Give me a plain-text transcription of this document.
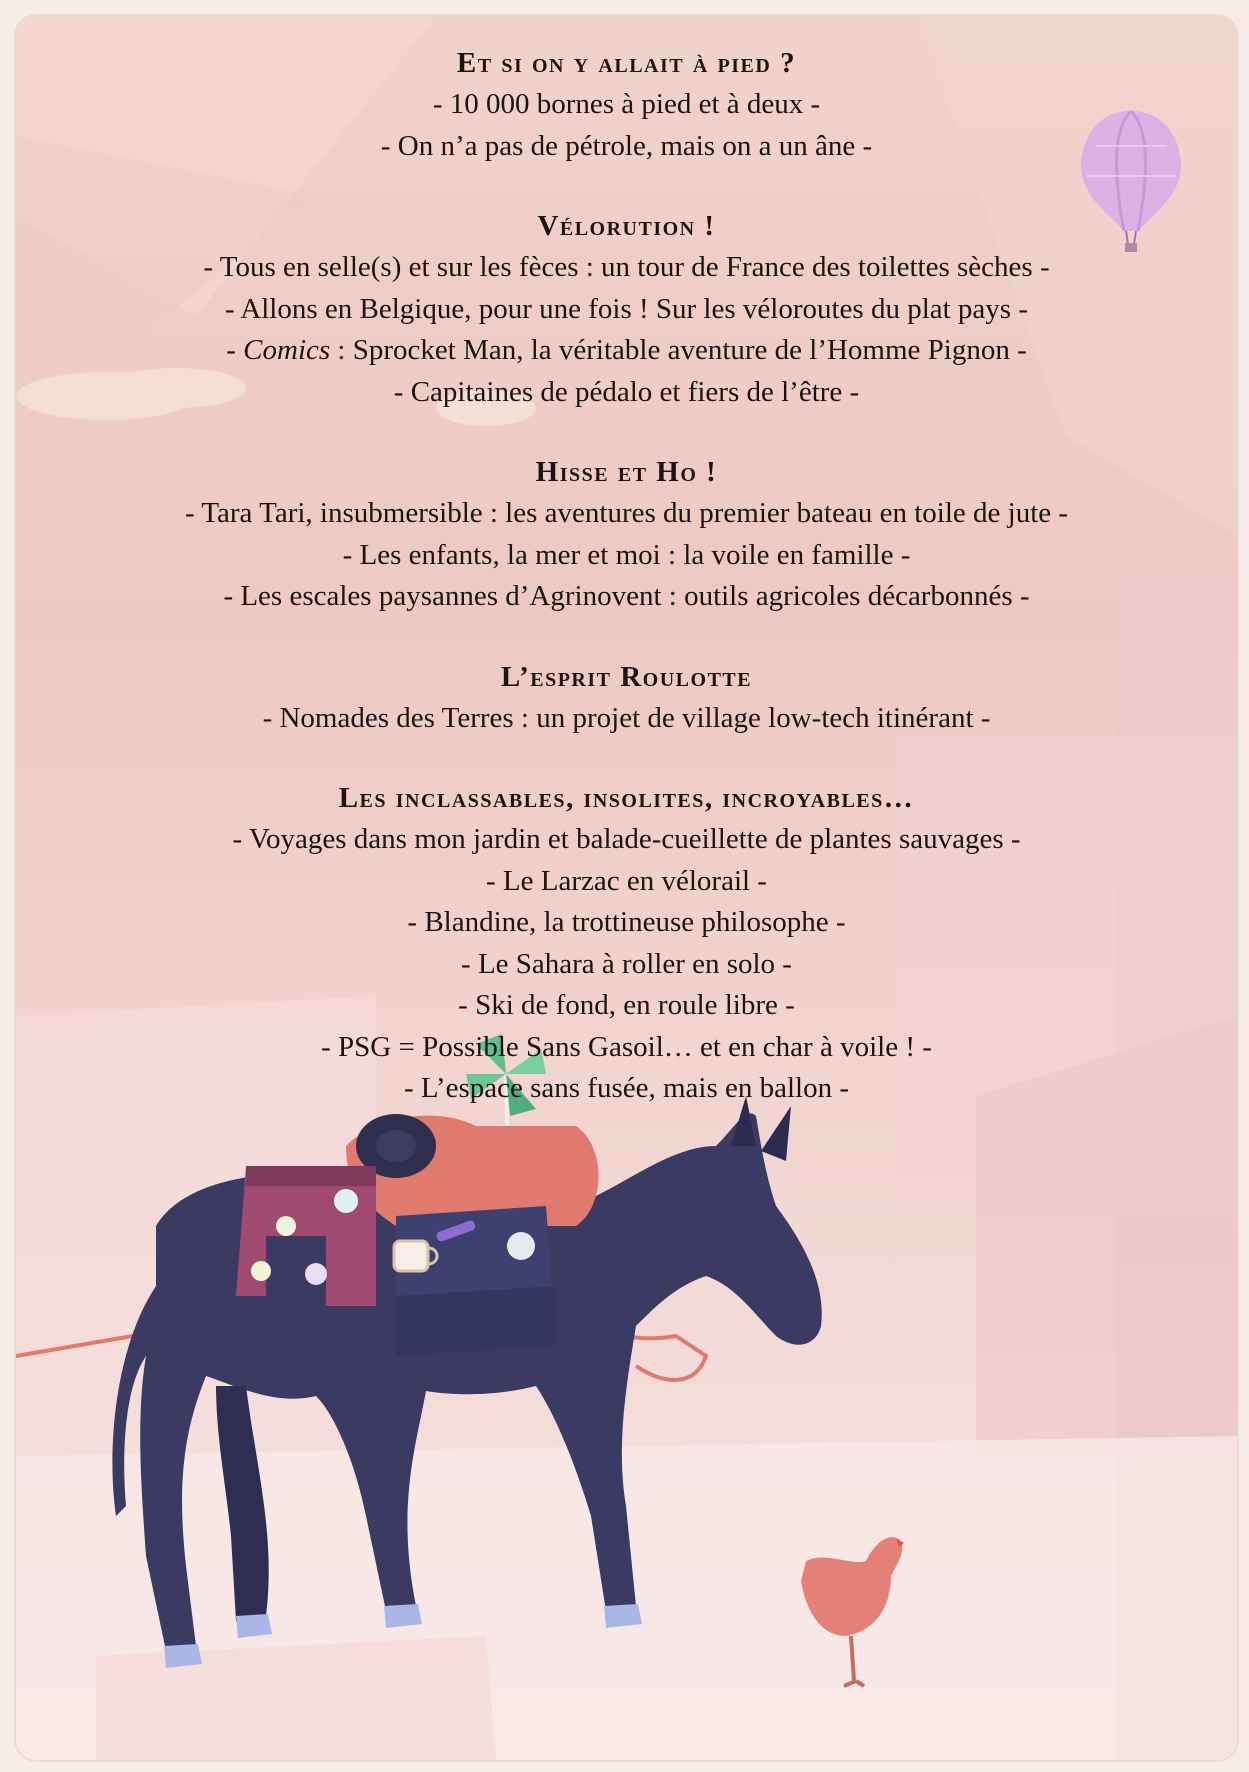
Et si on y allait à pied ?

- 10 000 bornes à pied et à deux -

- On n’a pas de pétrole, mais on a un âne -

Vélorution !

- Tous en selle(s) et sur les fèces : un tour de France des toilettes sèches -

- Allons en Belgique, pour une fois ! Sur les véloroutes du plat pays -

- Comics : Sprocket Man, la véritable aventure de l’Homme Pignon -

- Capitaines de pédalo et fiers de l’être -

Hisse et Ho !

- Tara Tari, insubmersible : les aventures du premier bateau en toile de jute -

- Les enfants, la mer et moi : la voile en famille -

- Les escales paysannes d’Agrinovent : outils agricoles décarbonnés -

L’esprit Roulotte

- Nomades des Terres : un projet de village low-tech itinérant -

Les inclassables, insolites, incroyables…

- Voyages dans mon jardin et balade-cueillette de plantes sauvages -

- Le Larzac en vélorail -

- Blandine, la trottineuse philosophe -

- Le Sahara à roller en solo -

- Ski de fond, en roule libre -

- PSG = Possible Sans Gasoil… et en char à voile ! -

- L’espace sans fusée, mais en ballon -
